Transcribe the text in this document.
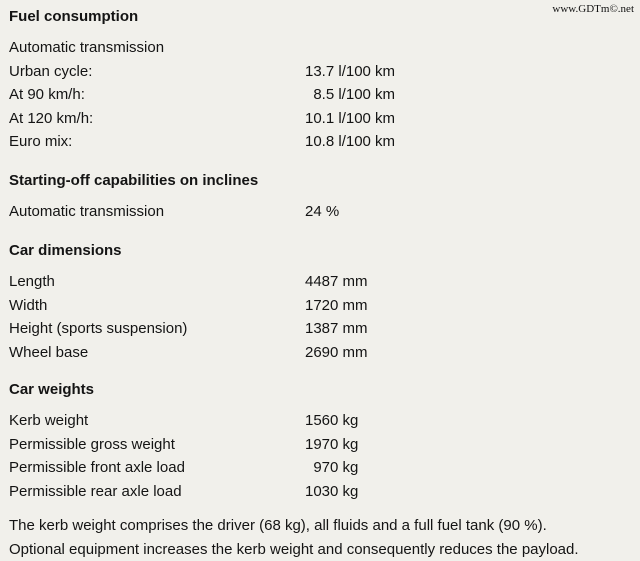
www.GDTm©.net
Fuel consumption
Automatic transmission
Urban cycle:	13.7 l/100 km
At 90 km/h:	8.5 l/100 km
At 120 km/h:	10.1 l/100 km
Euro mix:	10.8 l/100 km
Starting-off capabilities on inclines
Automatic transmission	24 %
Car dimensions
Length	4487 mm
Width	1720 mm
Height (sports suspension)	1387 mm
Wheel base	2690 mm
Car weights
Kerb weight	1560 kg
Permissible gross weight	1970 kg
Permissible front axle load	970 kg
Permissible rear axle load	1030 kg
The kerb weight comprises the driver (68 kg), all fluids and a full fuel tank (90 %).
Optional equipment increases the kerb weight and consequently reduces the payload.
